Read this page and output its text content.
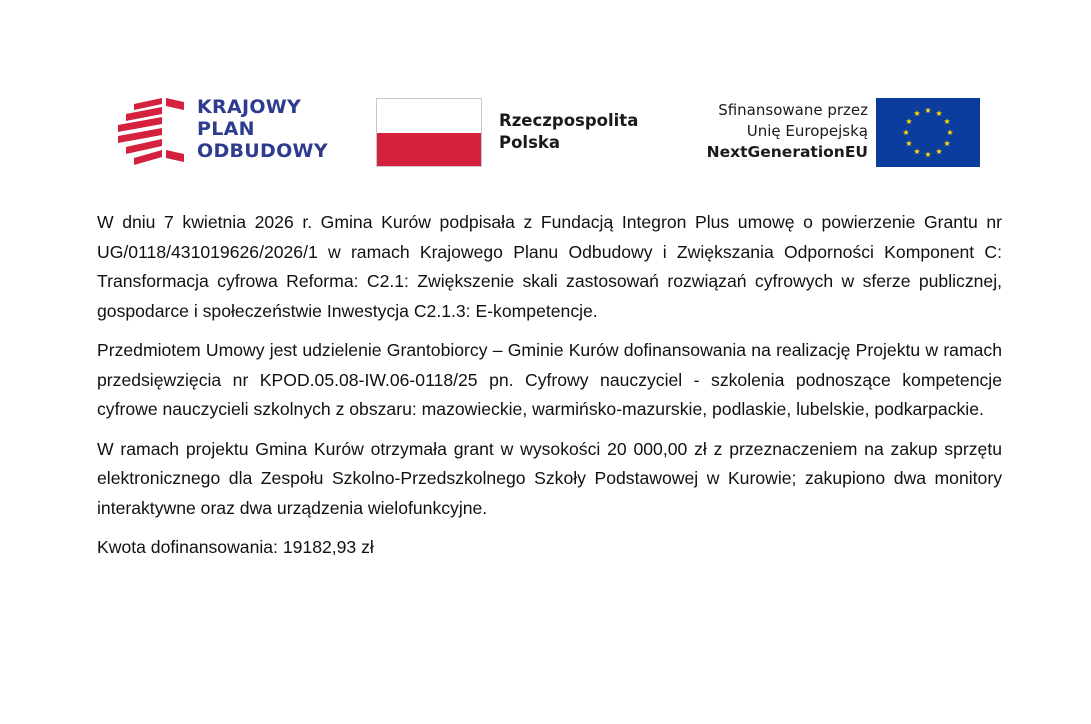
KRAJOWY
PLAN
ODBUDOWY
Rzeczpospolita
Polska
Sfinansowane przez
Unię Europejską
NextGenerationEU

W dniu 7 kwietnia 2026 r. Gmina Kurów podpisała z Fundacją Integron Plus umowę o powierzenie Grantu nr UG/0118/431019626/2026/1 w ramach Krajowego Planu Odbudowy i Zwiększania Odporności Komponent C: Transformacja cyfrowa Reforma: C2.1: Zwiększenie skali zastosowań rozwiązań cyfrowych w sferze publicznej, gospodarce i społeczeństwie Inwestycja C2.1.3: E-kompetencje.

Przedmiotem Umowy jest udzielenie Grantobiorcy – Gminie Kurów dofinansowania na realizację Projektu w ramach przedsięwzięcia nr KPOD.05.08-IW.06-0118/25 pn. Cyfrowy nauczyciel - szkolenia podnoszące kompetencje cyfrowe nauczycieli szkolnych z obszaru: mazowieckie, warmińsko-mazurskie, podlaskie, lubelskie, podkarpackie.

W ramach projektu Gmina Kurów otrzymała grant w wysokości 20 000,00 zł z przeznaczeniem na zakup sprzętu elektronicznego dla Zespołu Szkolno-Przedszkolnego Szkoły Podstawowej w Kurowie; zakupiono dwa monitory interaktywne oraz dwa urządzenia wielofunkcyjne.

Kwota dofinansowania: 19182,93 zł
